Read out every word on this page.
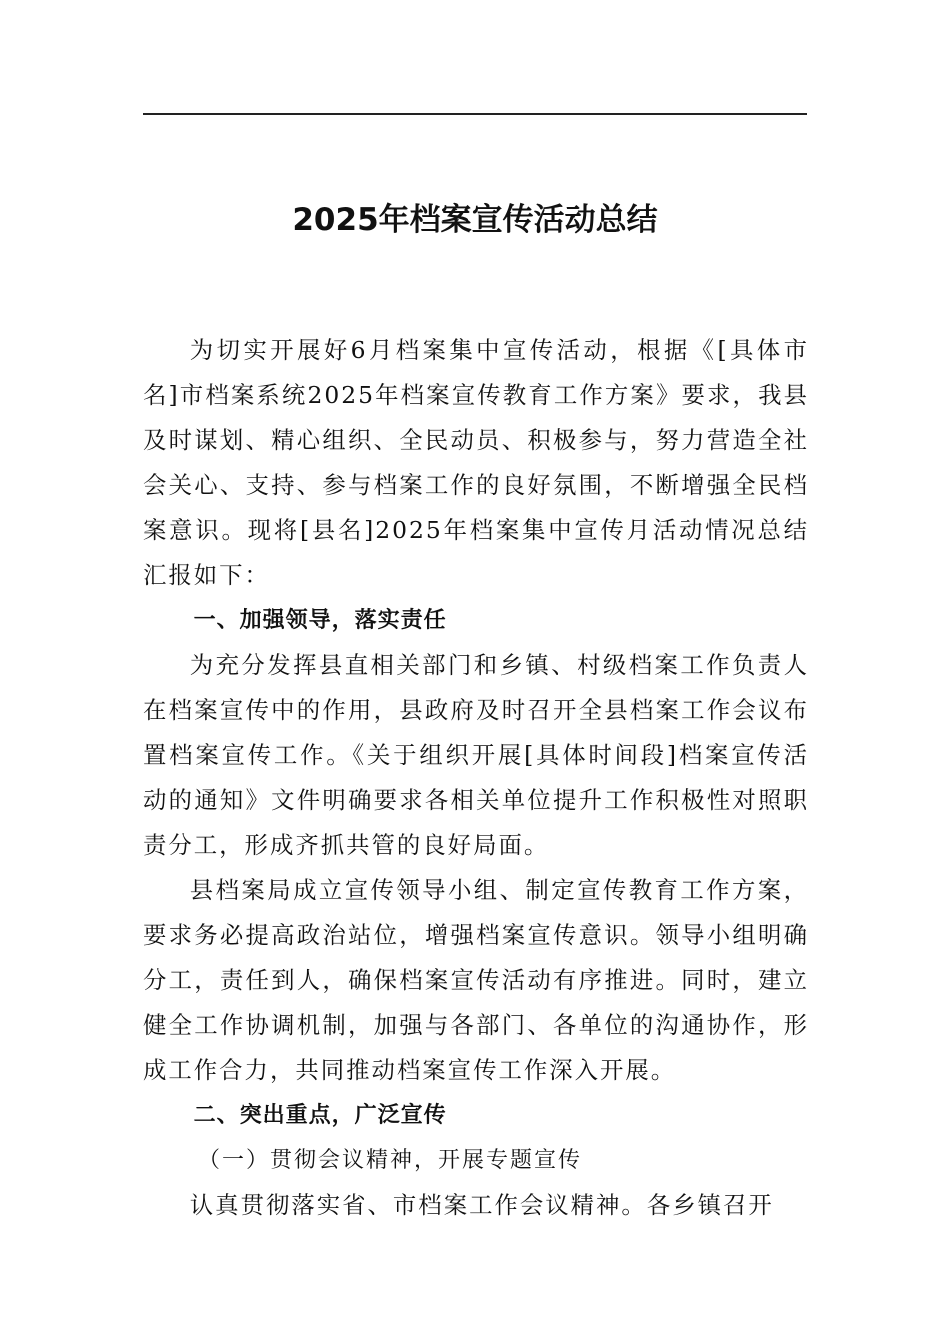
2025年档案宣传活动总结

为切实开展好6月档案集中宣传活动，根据《[具体市名]市档案系统2025年档案宣传教育工作方案》要求，我县及时谋划、精心组织、全民动员、积极参与，努力营造全社会关心、支持、参与档案工作的良好氛围，不断增强全民档案意识。现将[县名]2025年档案集中宣传月活动情况总结汇报如下：

一、加强领导，落实责任

为充分发挥县直相关部门和乡镇、村级档案工作负责人在档案宣传中的作用，县政府及时召开全县档案工作会议布置档案宣传工作。《关于组织开展[具体时间段]档案宣传活动的通知》文件明确要求各相关单位提升工作积极性对照职责分工，形成齐抓共管的良好局面。

县档案局成立宣传领导小组、制定宣传教育工作方案，要求务必提高政治站位，增强档案宣传意识。领导小组明确分工，责任到人，确保档案宣传活动有序推进。同时，建立健全工作协调机制，加强与各部门、各单位的沟通协作，形成工作合力，共同推动档案宣传工作深入开展。

二、突出重点，广泛宣传

（一）贯彻会议精神，开展专题宣传

认真贯彻落实省、市档案工作会议精神。各乡镇召开
